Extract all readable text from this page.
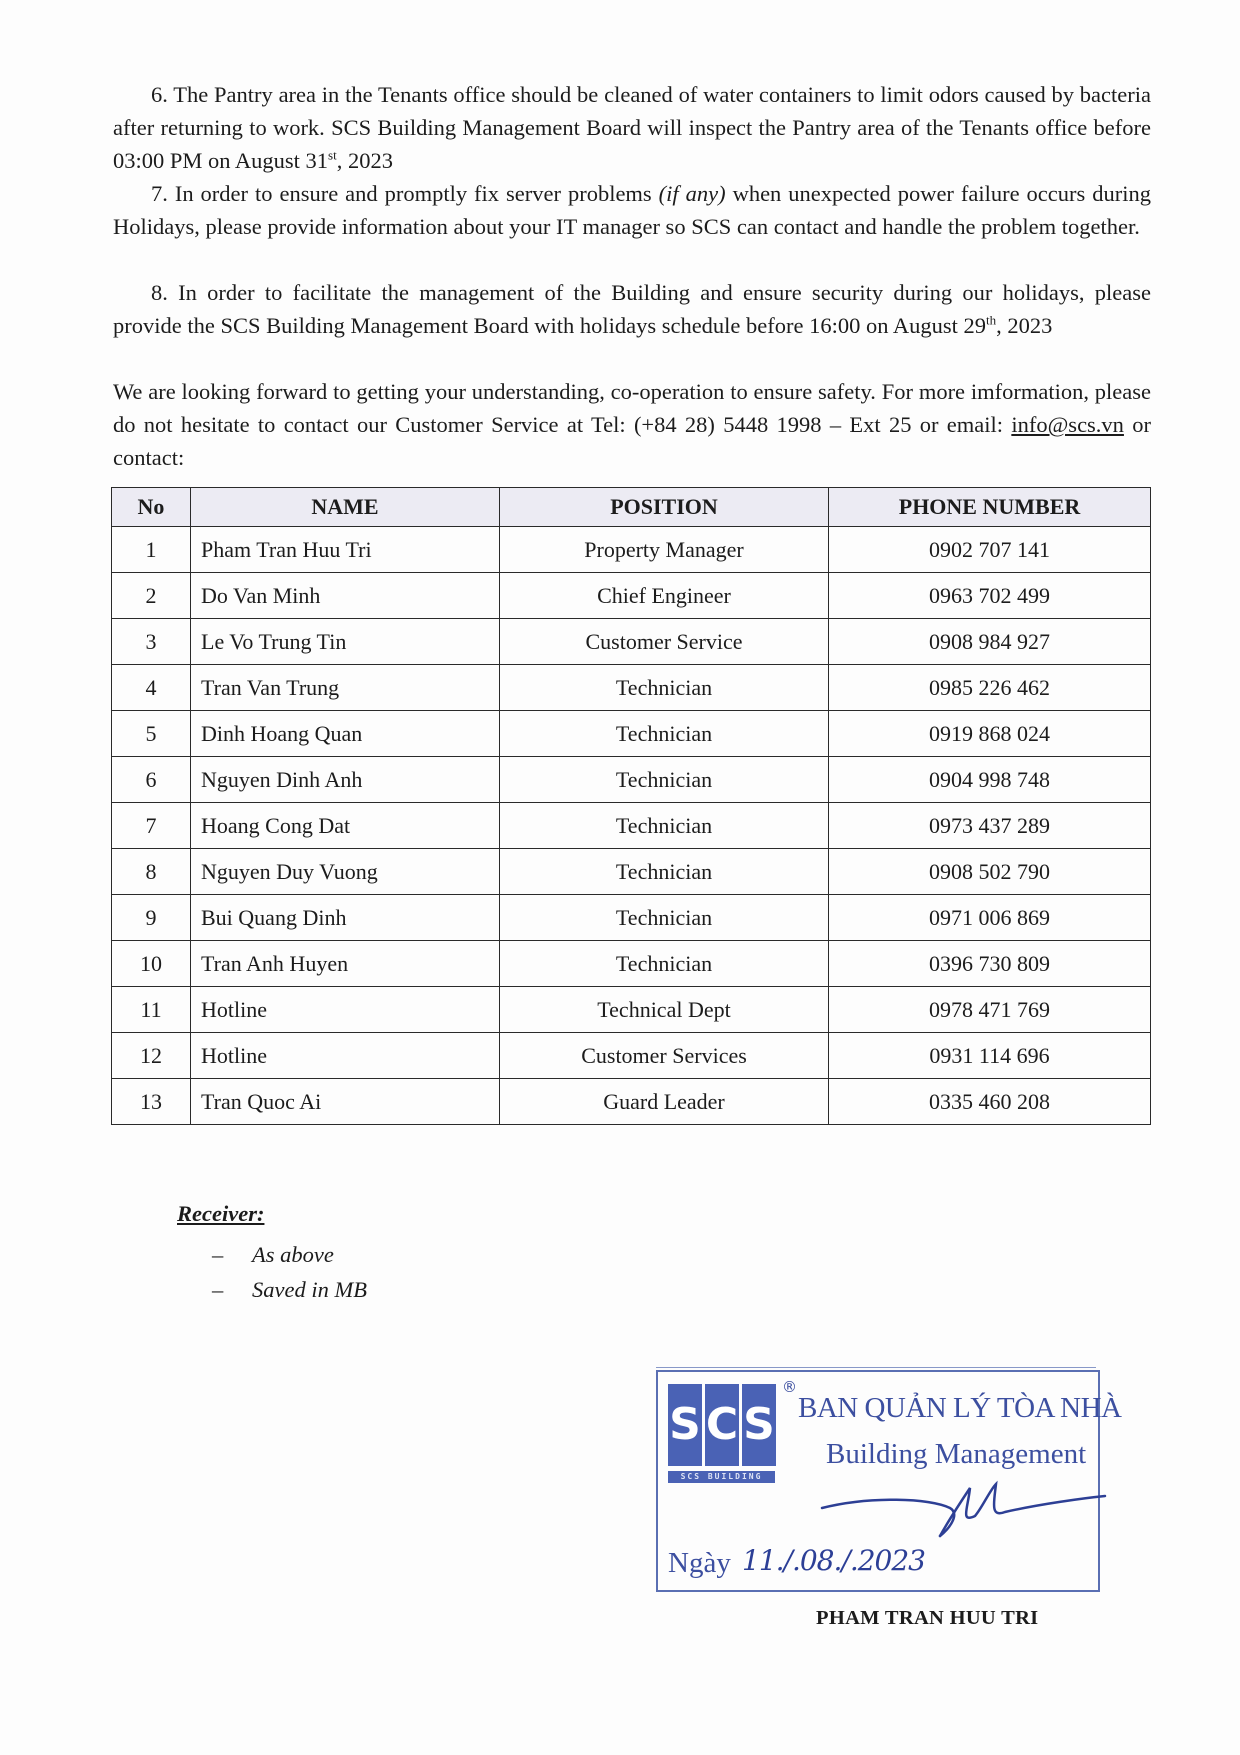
6. The Pantry area in the Tenants office should be cleaned of water containers to limit odors caused by bacteria after returning to work. SCS Building Management Board will inspect the Pantry area of the Tenants office before 03:00 PM on August 31st, 2023

7. In order to ensure and promptly fix server problems (if any) when unexpected power failure occurs during Holidays, please provide information about your IT manager so SCS can contact and handle the problem together.

8. In order to facilitate the management of the Building and ensure security during our holidays, please provide the SCS Building Management Board with holidays schedule before 16:00 on August 29th, 2023

We are looking forward to getting your understanding, co-operation to ensure safety. For more imformation, please do not hesitate to contact our Customer Service at Tel: (+84 28) 5448 1998 – Ext 25 or email: info@scs.vn or contact:

No	NAME	POSITION	PHONE NUMBER
1	Pham Tran Huu Tri	Property Manager	0902 707 141
2	Do Van Minh	Chief Engineer	0963 702 499
3	Le Vo Trung Tin	Customer Service	0908 984 927
4	Tran Van Trung	Technician	0985 226 462
5	Dinh Hoang Quan	Technician	0919 868 024
6	Nguyen Dinh Anh	Technician	0904 998 748
7	Hoang Cong Dat	Technician	0973 437 289
8	Nguyen Duy Vuong	Technician	0908 502 790
9	Bui Quang Dinh	Technician	0971 006 869
10	Tran Anh Huyen	Technician	0396 730 809
11	Hotline	Technical Dept	0978 471 769
12	Hotline	Customer Services	0931 114 696
13	Tran Quoc Ai	Guard Leader	0335 460 208

Receiver:

– As above
– Saved in MB
S C S
SCS BUILDING
®
BAN QUẢN LÝ TÒA NHÀ
Building Management
Ngày 11./.08./.2023

PHAM TRAN HUU TRI
